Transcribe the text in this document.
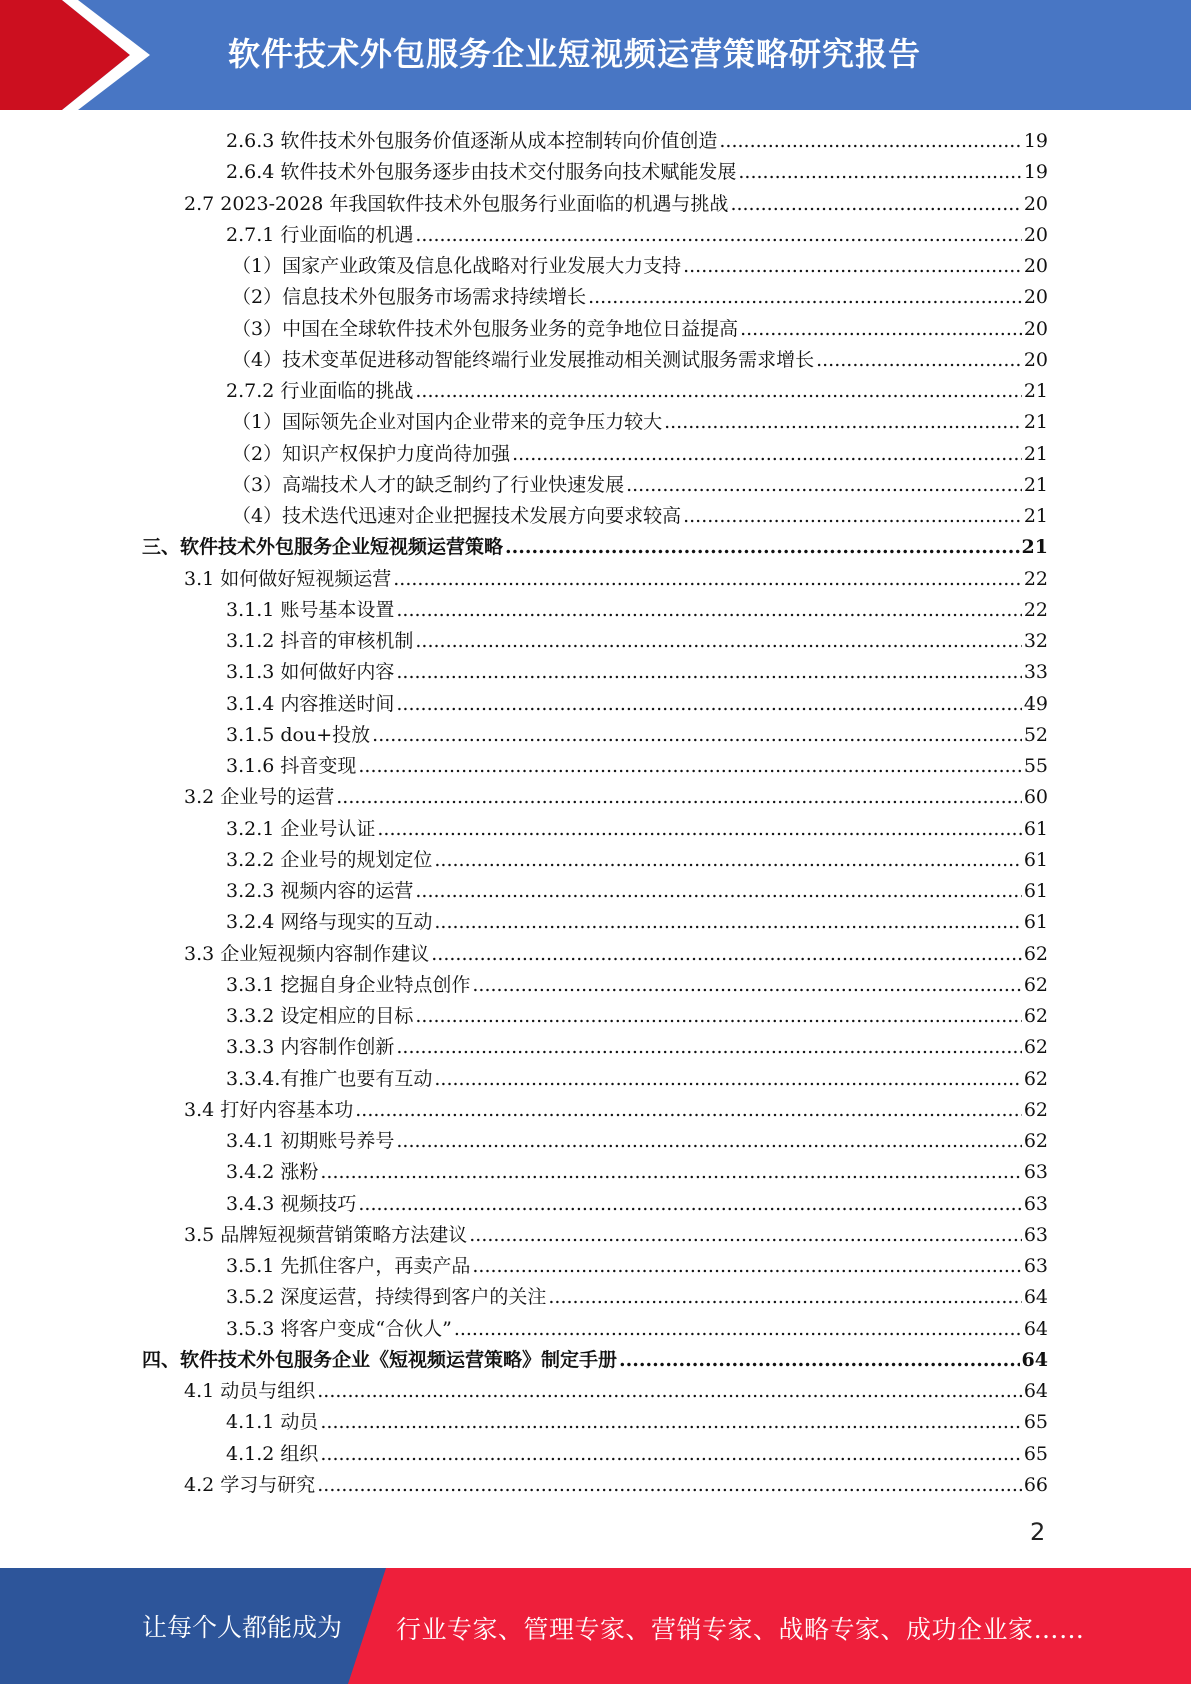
软件技术外包服务企业短视频运营策略研究报告
2.6.3 软件技术外包服务价值逐渐从成本控制转向价值创造 .....	19
2.6.4 软件技术外包服务逐步由技术交付服务向技术赋能发展 .....	19
2.7 2023-2028 年我国软件技术外包服务行业面临的机遇与挑战 .....	20
2.7.1 行业面临的机遇 .....	20
（1）国家产业政策及信息化战略对行业发展大力支持 .....	20
（2）信息技术外包服务市场需求持续增长 .....	20
（3）中国在全球软件技术外包服务业务的竞争地位日益提高 .....	20
（4）技术变革促进移动智能终端行业发展推动相关测试服务需求增长 .....	20
2.7.2 行业面临的挑战 .....	21
（1）国际领先企业对国内企业带来的竞争压力较大 .....	21
（2）知识产权保护力度尚待加强 .....	21
（3）高端技术人才的缺乏制约了行业快速发展 .....	21
（4）技术迭代迅速对企业把握技术发展方向要求较高 .....	21
三、软件技术外包服务企业短视频运营策略 .....	21
3.1 如何做好短视频运营 .....	22
3.1.1 账号基本设置 .....	22
3.1.2 抖音的审核机制 .....	32
3.1.3 如何做好内容 .....	33
3.1.4 内容推送时间 .....	49
3.1.5 dou+投放 .....	52
3.1.6 抖音变现 .....	55
3.2 企业号的运营 .....	60
3.2.1 企业号认证 .....	61
3.2.2 企业号的规划定位 .....	61
3.2.3 视频内容的运营 .....	61
3.2.4 网络与现实的互动 .....	61
3.3 企业短视频内容制作建议 .....	62
3.3.1 挖掘自身企业特点创作 .....	62
3.3.2 设定相应的目标 .....	62
3.3.3 内容制作创新 .....	62
3.3.4.有推广也要有互动 .....	62
3.4 打好内容基本功 .....	62
3.4.1 初期账号养号 .....	62
3.4.2 涨粉 .....	63
3.4.3 视频技巧 .....	63
3.5 品牌短视频营销策略方法建议 .....	63
3.5.1 先抓住客户，再卖产品 .....	63
3.5.2 深度运营，持续得到客户的关注 .....	64
3.5.3 将客户变成“合伙人” .....	64
四、软件技术外包服务企业《短视频运营策略》制定手册 .....	64
4.1 动员与组织 .....	64
4.1.1 动员 .....	65
4.1.2 组织 .....	65
4.2 学习与研究 .....	66
2
让每个人都能成为 行业专家、管理专家、营销专家、战略专家、成功企业家……
